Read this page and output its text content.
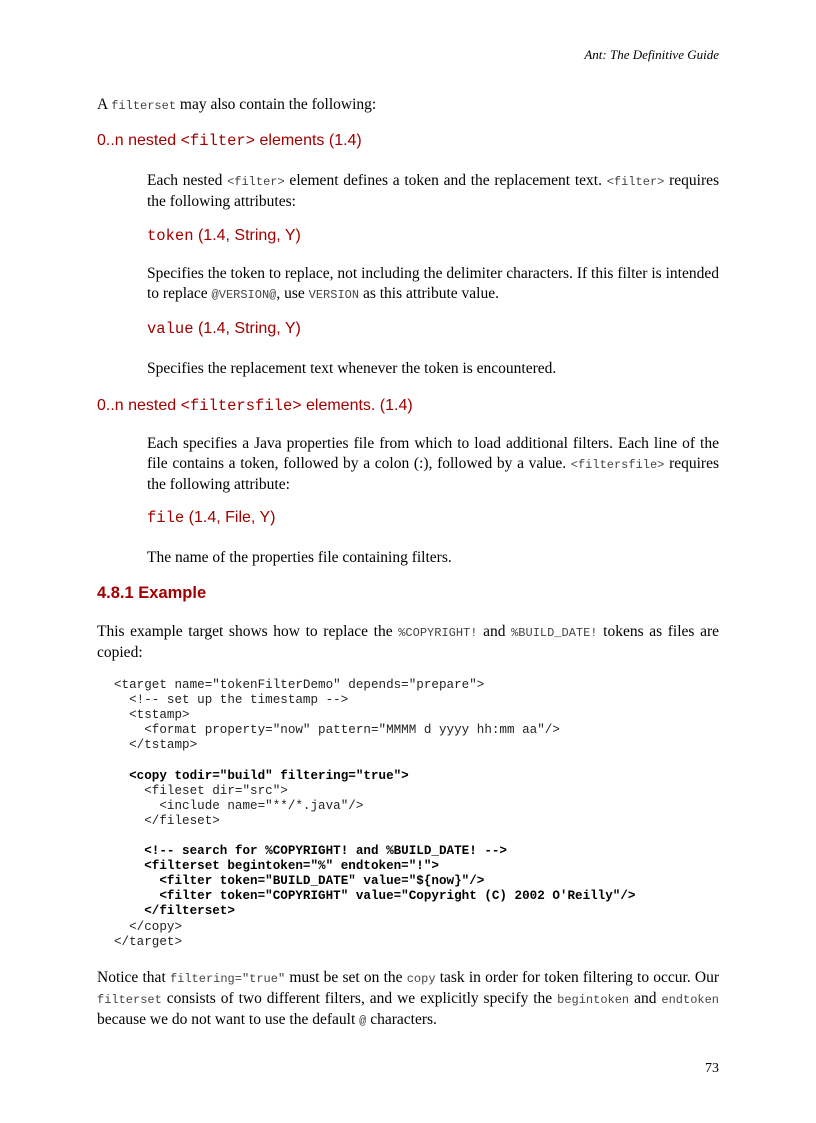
Ant: The Definitive Guide
A filterset may also contain the following:
0..n nested <filter> elements (1.4)
Each nested <filter> element defines a token and the replacement text. <filter> requires the following attributes:
token (1.4, String, Y)
Specifies the token to replace, not including the delimiter characters. If this filter is intended to replace @VERSION@, use VERSION as this attribute value.
value (1.4, String, Y)
Specifies the replacement text whenever the token is encountered.
0..n nested <filtersfile> elements. (1.4)
Each specifies a Java properties file from which to load additional filters. Each line of the file contains a token, followed by a colon (:), followed by a value. <filtersfile> requires the following attribute:
file (1.4, File, Y)
The name of the properties file containing filters.
4.8.1 Example
This example target shows how to replace the %COPYRIGHT! and %BUILD_DATE! tokens as files are copied:
<target name="tokenFilterDemo" depends="prepare">
<!-- set up the timestamp -->
<tstamp>
<format property="now" pattern="MMMM d yyyy hh:mm aa"/>
</tstamp>

<copy todir="build" filtering="true">
<fileset dir="src">
<include name="**/*.java"/>
</fileset>

<!-- search for %COPYRIGHT! and %BUILD_DATE! -->
<filterset begintoken="%" endtoken="!">
<filter token="BUILD_DATE" value="${now}"/>
<filter token="COPYRIGHT" value="Copyright (C) 2002 O'Reilly"/>
</filterset>
</copy>
</target>
Notice that filtering="true" must be set on the copy task in order for token filtering to occur. Our filterset consists of two different filters, and we explicitly specify the begintoken and endtoken because we do not want to use the default @ characters.
73
